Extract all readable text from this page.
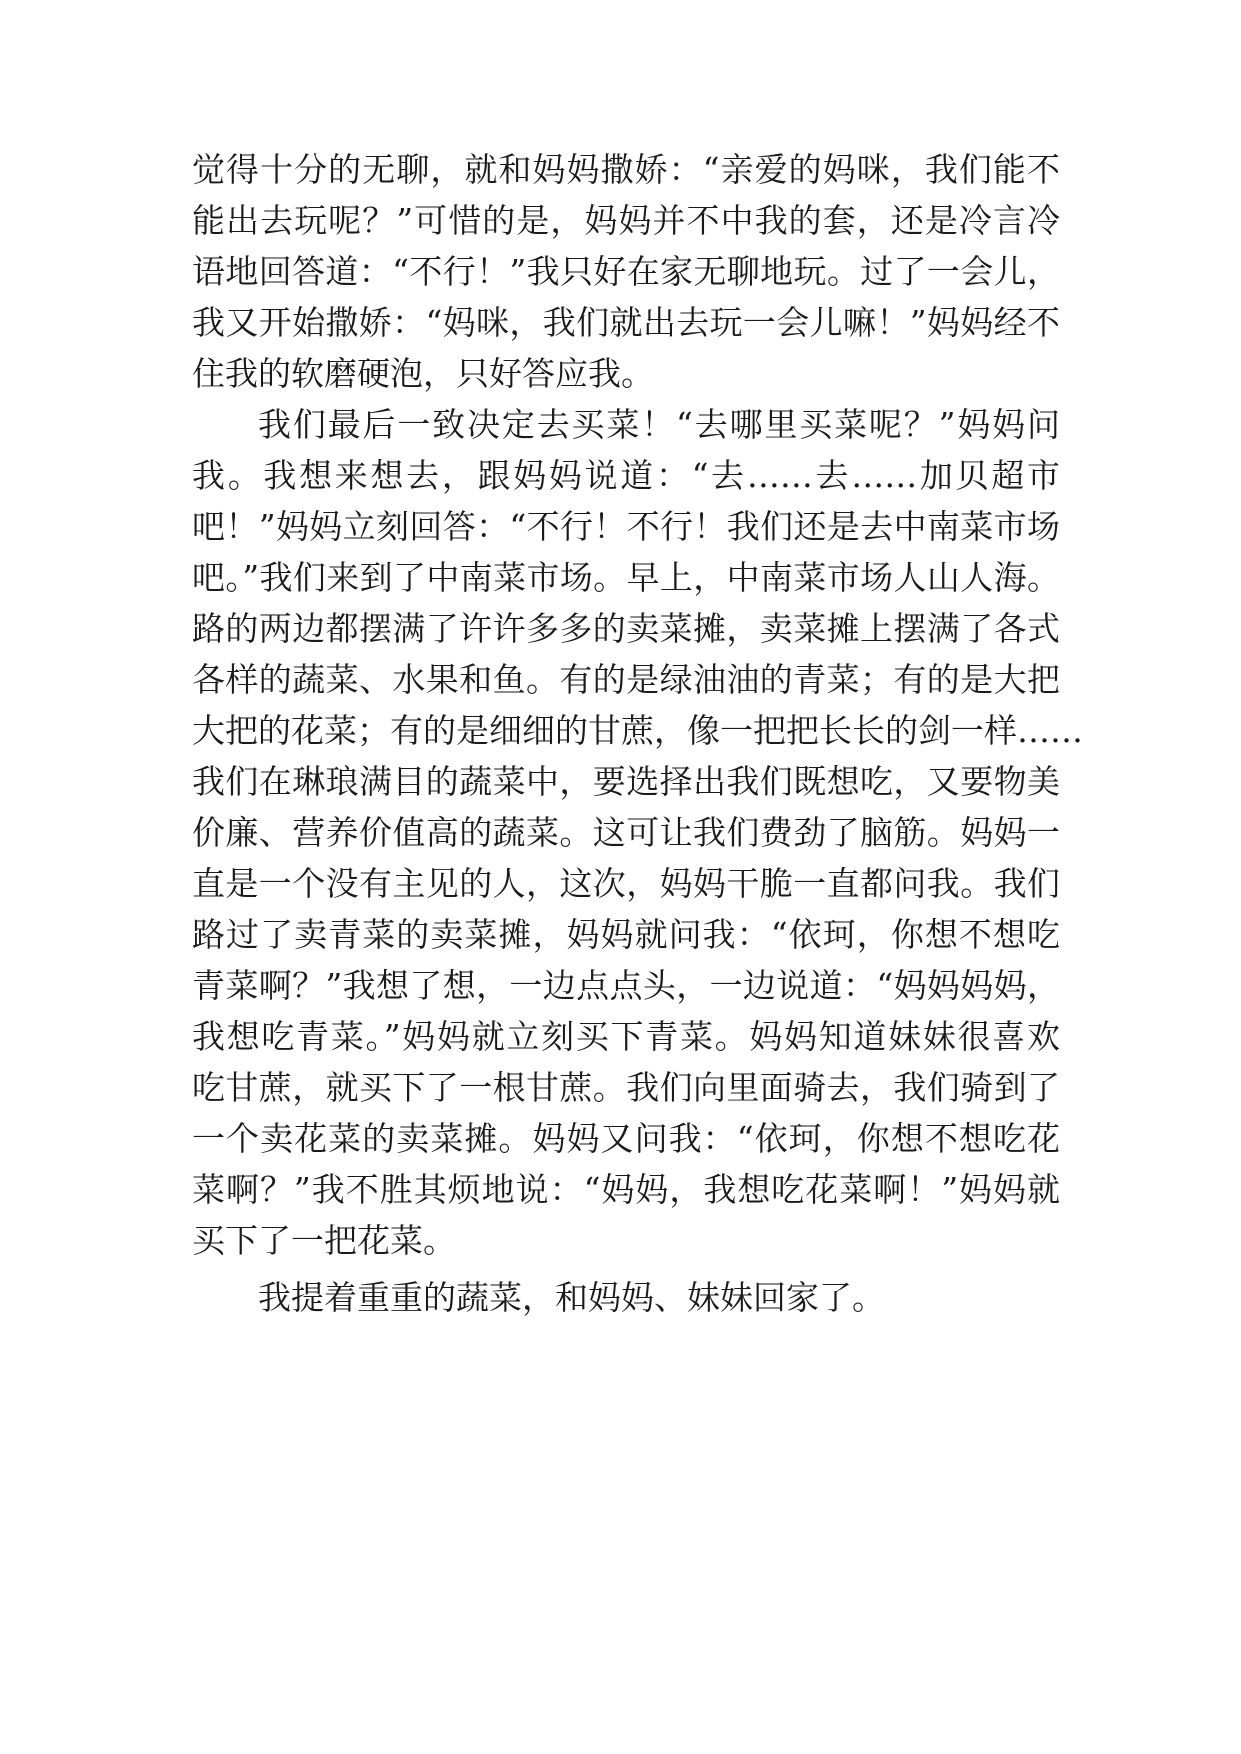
觉得十分的无聊，就和妈妈撒娇：“亲爱的妈咪，我们能不
能出去玩呢？”可惜的是，妈妈并不中我的套，还是冷言冷
语地回答道：“不行！”我只好在家无聊地玩。过了一会儿，
我又开始撒娇：“妈咪，我们就出去玩一会儿嘛！”妈妈经不
住我的软磨硬泡，只好答应我。
我们最后一致决定去买菜！“去哪里买菜呢？”妈妈问
我。我想来想去，跟妈妈说道：“去……去……加贝超市
吧！”妈妈立刻回答：“不行！不行！我们还是去中南菜市场
吧。”我们来到了中南菜市场。早上，中南菜市场人山人海。
路的两边都摆满了许许多多的卖菜摊，卖菜摊上摆满了各式
各样的蔬菜、水果和鱼。有的是绿油油的青菜；有的是大把
大把的花菜；有的是细细的甘蔗，像一把把长长的剑一样……
我们在琳琅满目的蔬菜中，要选择出我们既想吃，又要物美
价廉、营养价值高的蔬菜。这可让我们费劲了脑筋。妈妈一
直是一个没有主见的人，这次，妈妈干脆一直都问我。我们
路过了卖青菜的卖菜摊，妈妈就问我：“依珂，你想不想吃
青菜啊？”我想了想，一边点点头，一边说道：“妈妈妈妈，
我想吃青菜。”妈妈就立刻买下青菜。妈妈知道妹妹很喜欢
吃甘蔗，就买下了一根甘蔗。我们向里面骑去，我们骑到了
一个卖花菜的卖菜摊。妈妈又问我：“依珂，你想不想吃花
菜啊？”我不胜其烦地说：“妈妈，我想吃花菜啊！”妈妈就
买下了一把花菜。
我提着重重的蔬菜，和妈妈、妹妹回家了。
